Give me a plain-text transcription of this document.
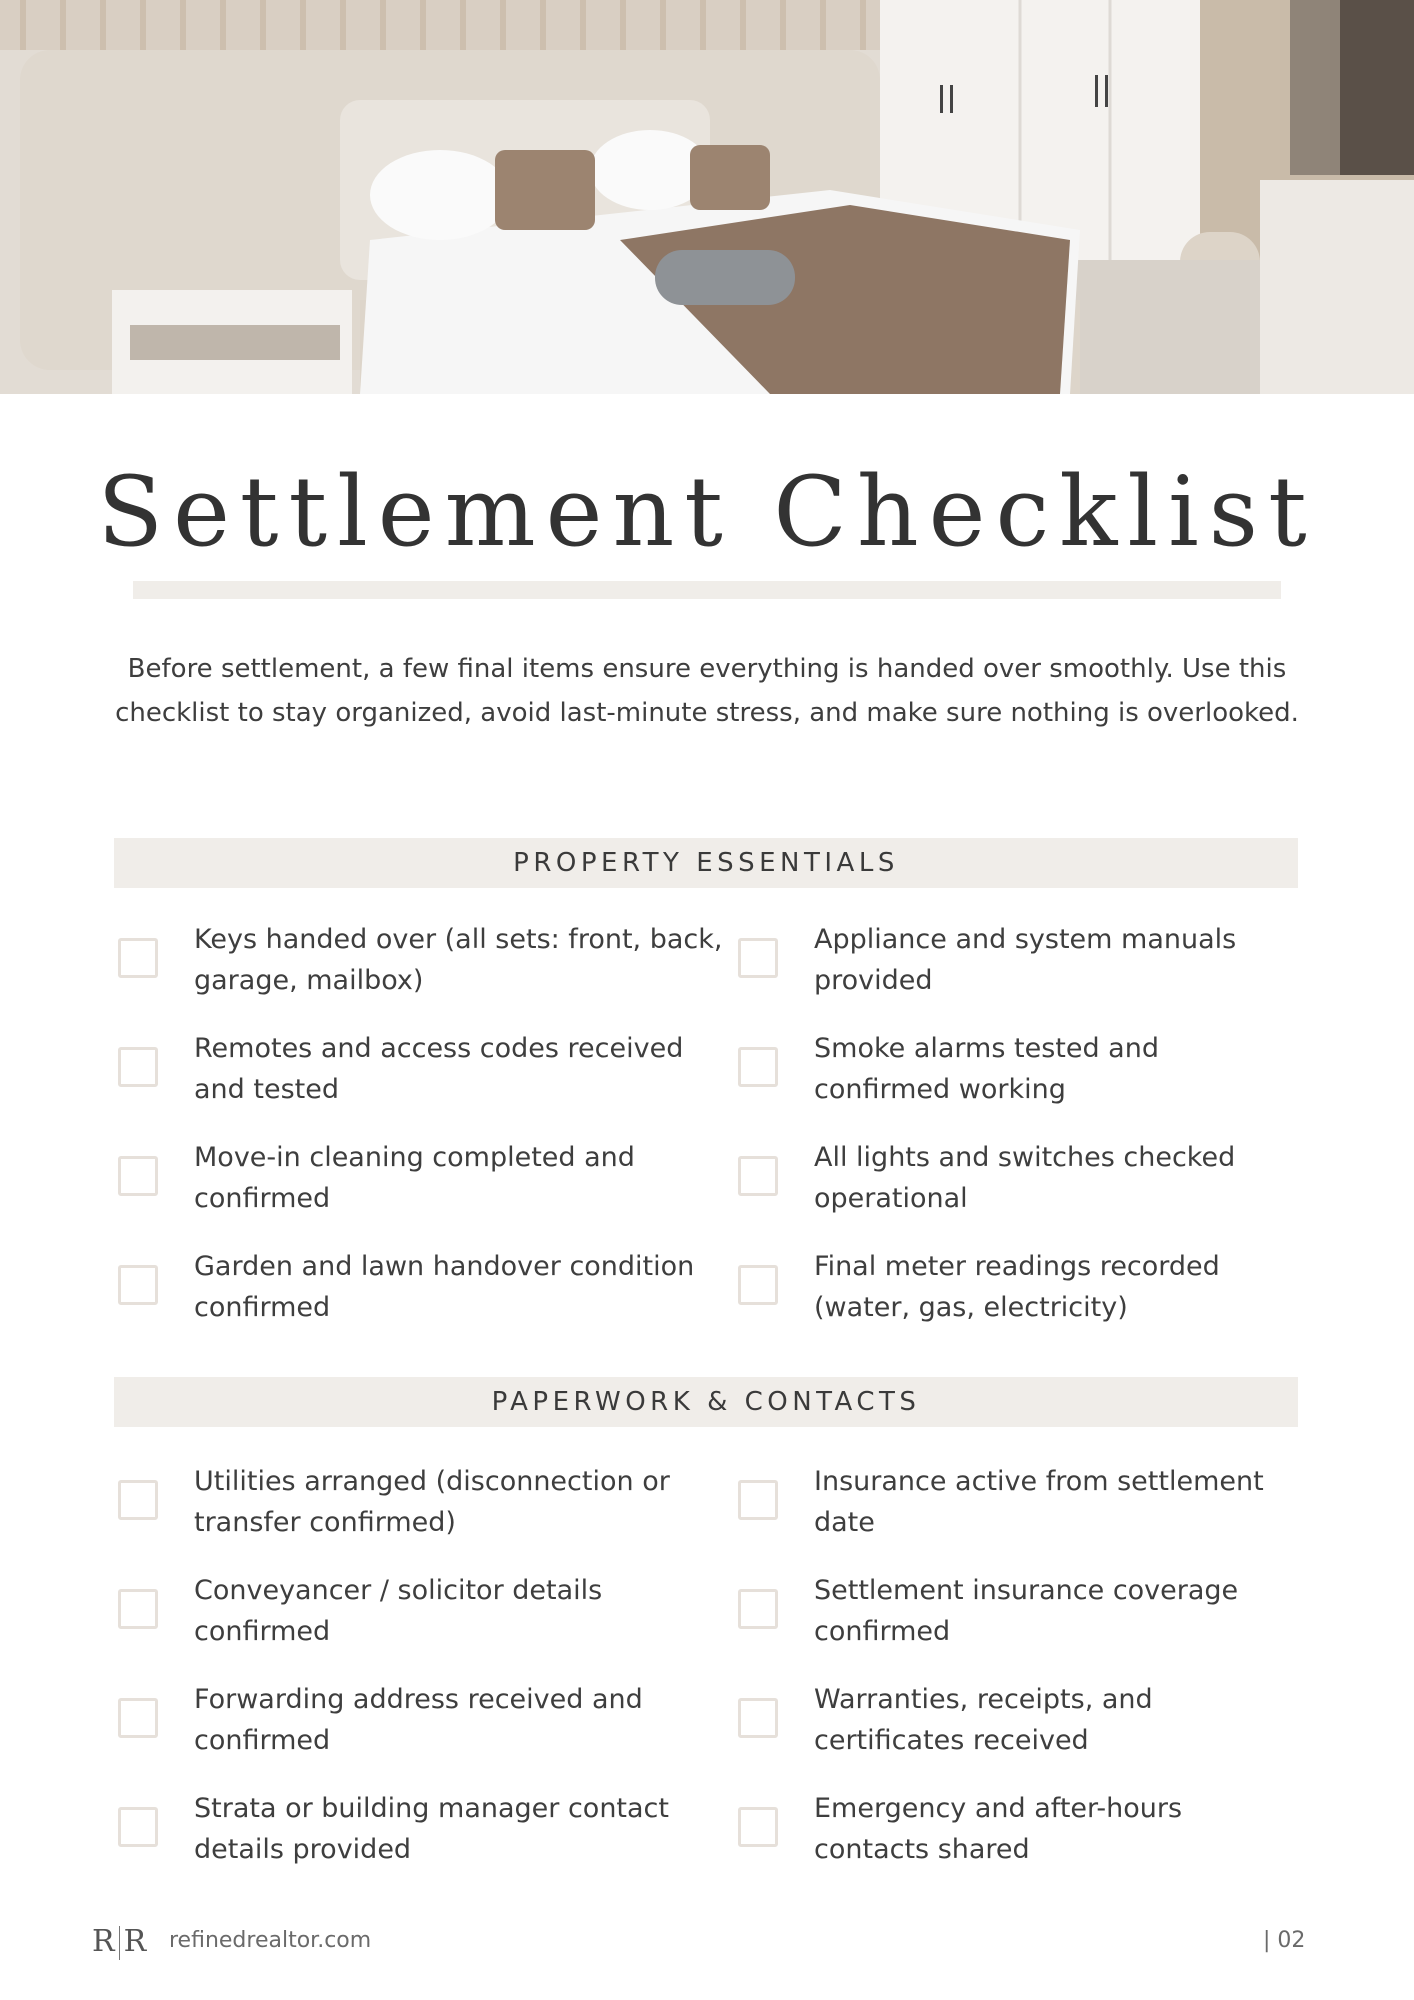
Settlement Checklist
Before settlement, a few final items ensure everything is handed over smoothly. Use this checklist to stay organized, avoid last-minute stress, and make sure nothing is overlooked.
PROPERTY ESSENTIALS
Keys handed over (all sets: front, back, garage, mailbox)
Appliance and system manuals provided
Remotes and access codes received and tested
Smoke alarms tested and confirmed working
Move-in cleaning completed and confirmed
All lights and switches checked operational
Garden and lawn handover condition confirmed
Final meter readings recorded (water, gas, electricity)
PAPERWORK & CONTACTS
Utilities arranged (disconnection or transfer confirmed)
Insurance active from settlement date
Conveyancer / solicitor details confirmed
Settlement insurance coverage confirmed
Forwarding address received and confirmed
Warranties, receipts, and certificates received
Strata or building manager contact details provided
Emergency and after-hours contacts shared
R R refinedrealtor.com	| 02
